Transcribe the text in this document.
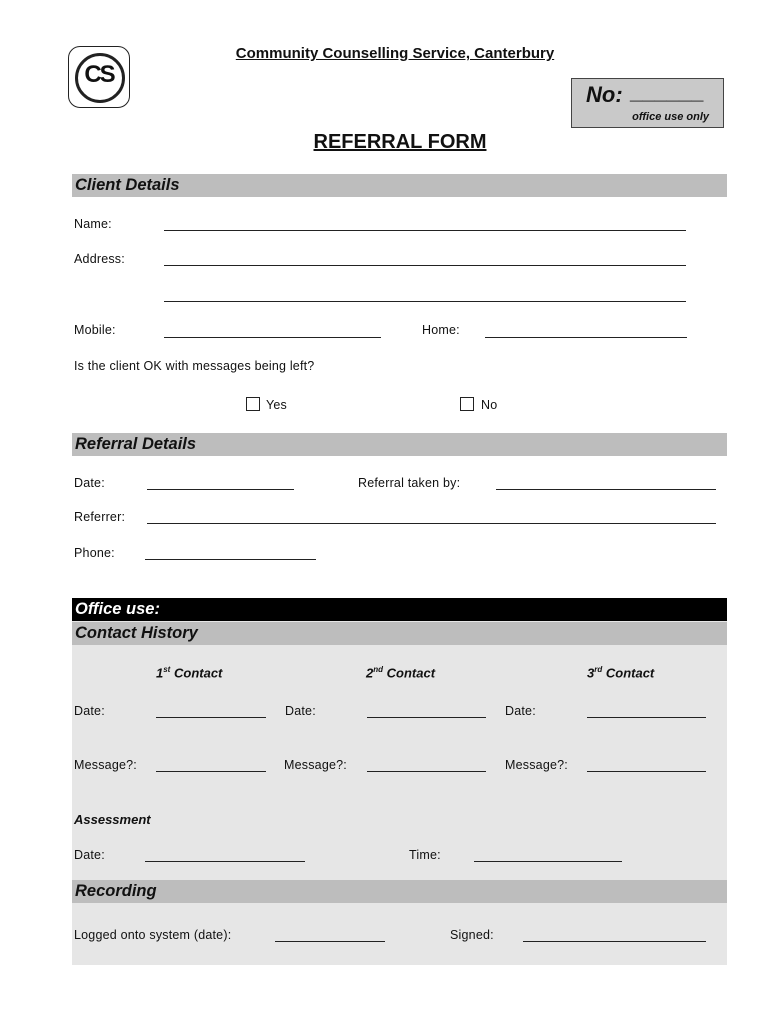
CS
Community Counselling Service, Canterbury
No: ______
office use only
REFERRAL FORM
Client Details
Name:
Address:
Mobile:	Home:
Is the client OK with messages being left?
Yes	No
Referral Details
Date:	Referral taken by:
Referrer:
Phone:
Office use:
Contact History
1st Contact	2nd Contact	3rd Contact
Date:	Date:	Date:
Message?:	Message?:	Message?:
Assessment
Date:	Time:
Recording
Logged onto system (date):	Signed:
